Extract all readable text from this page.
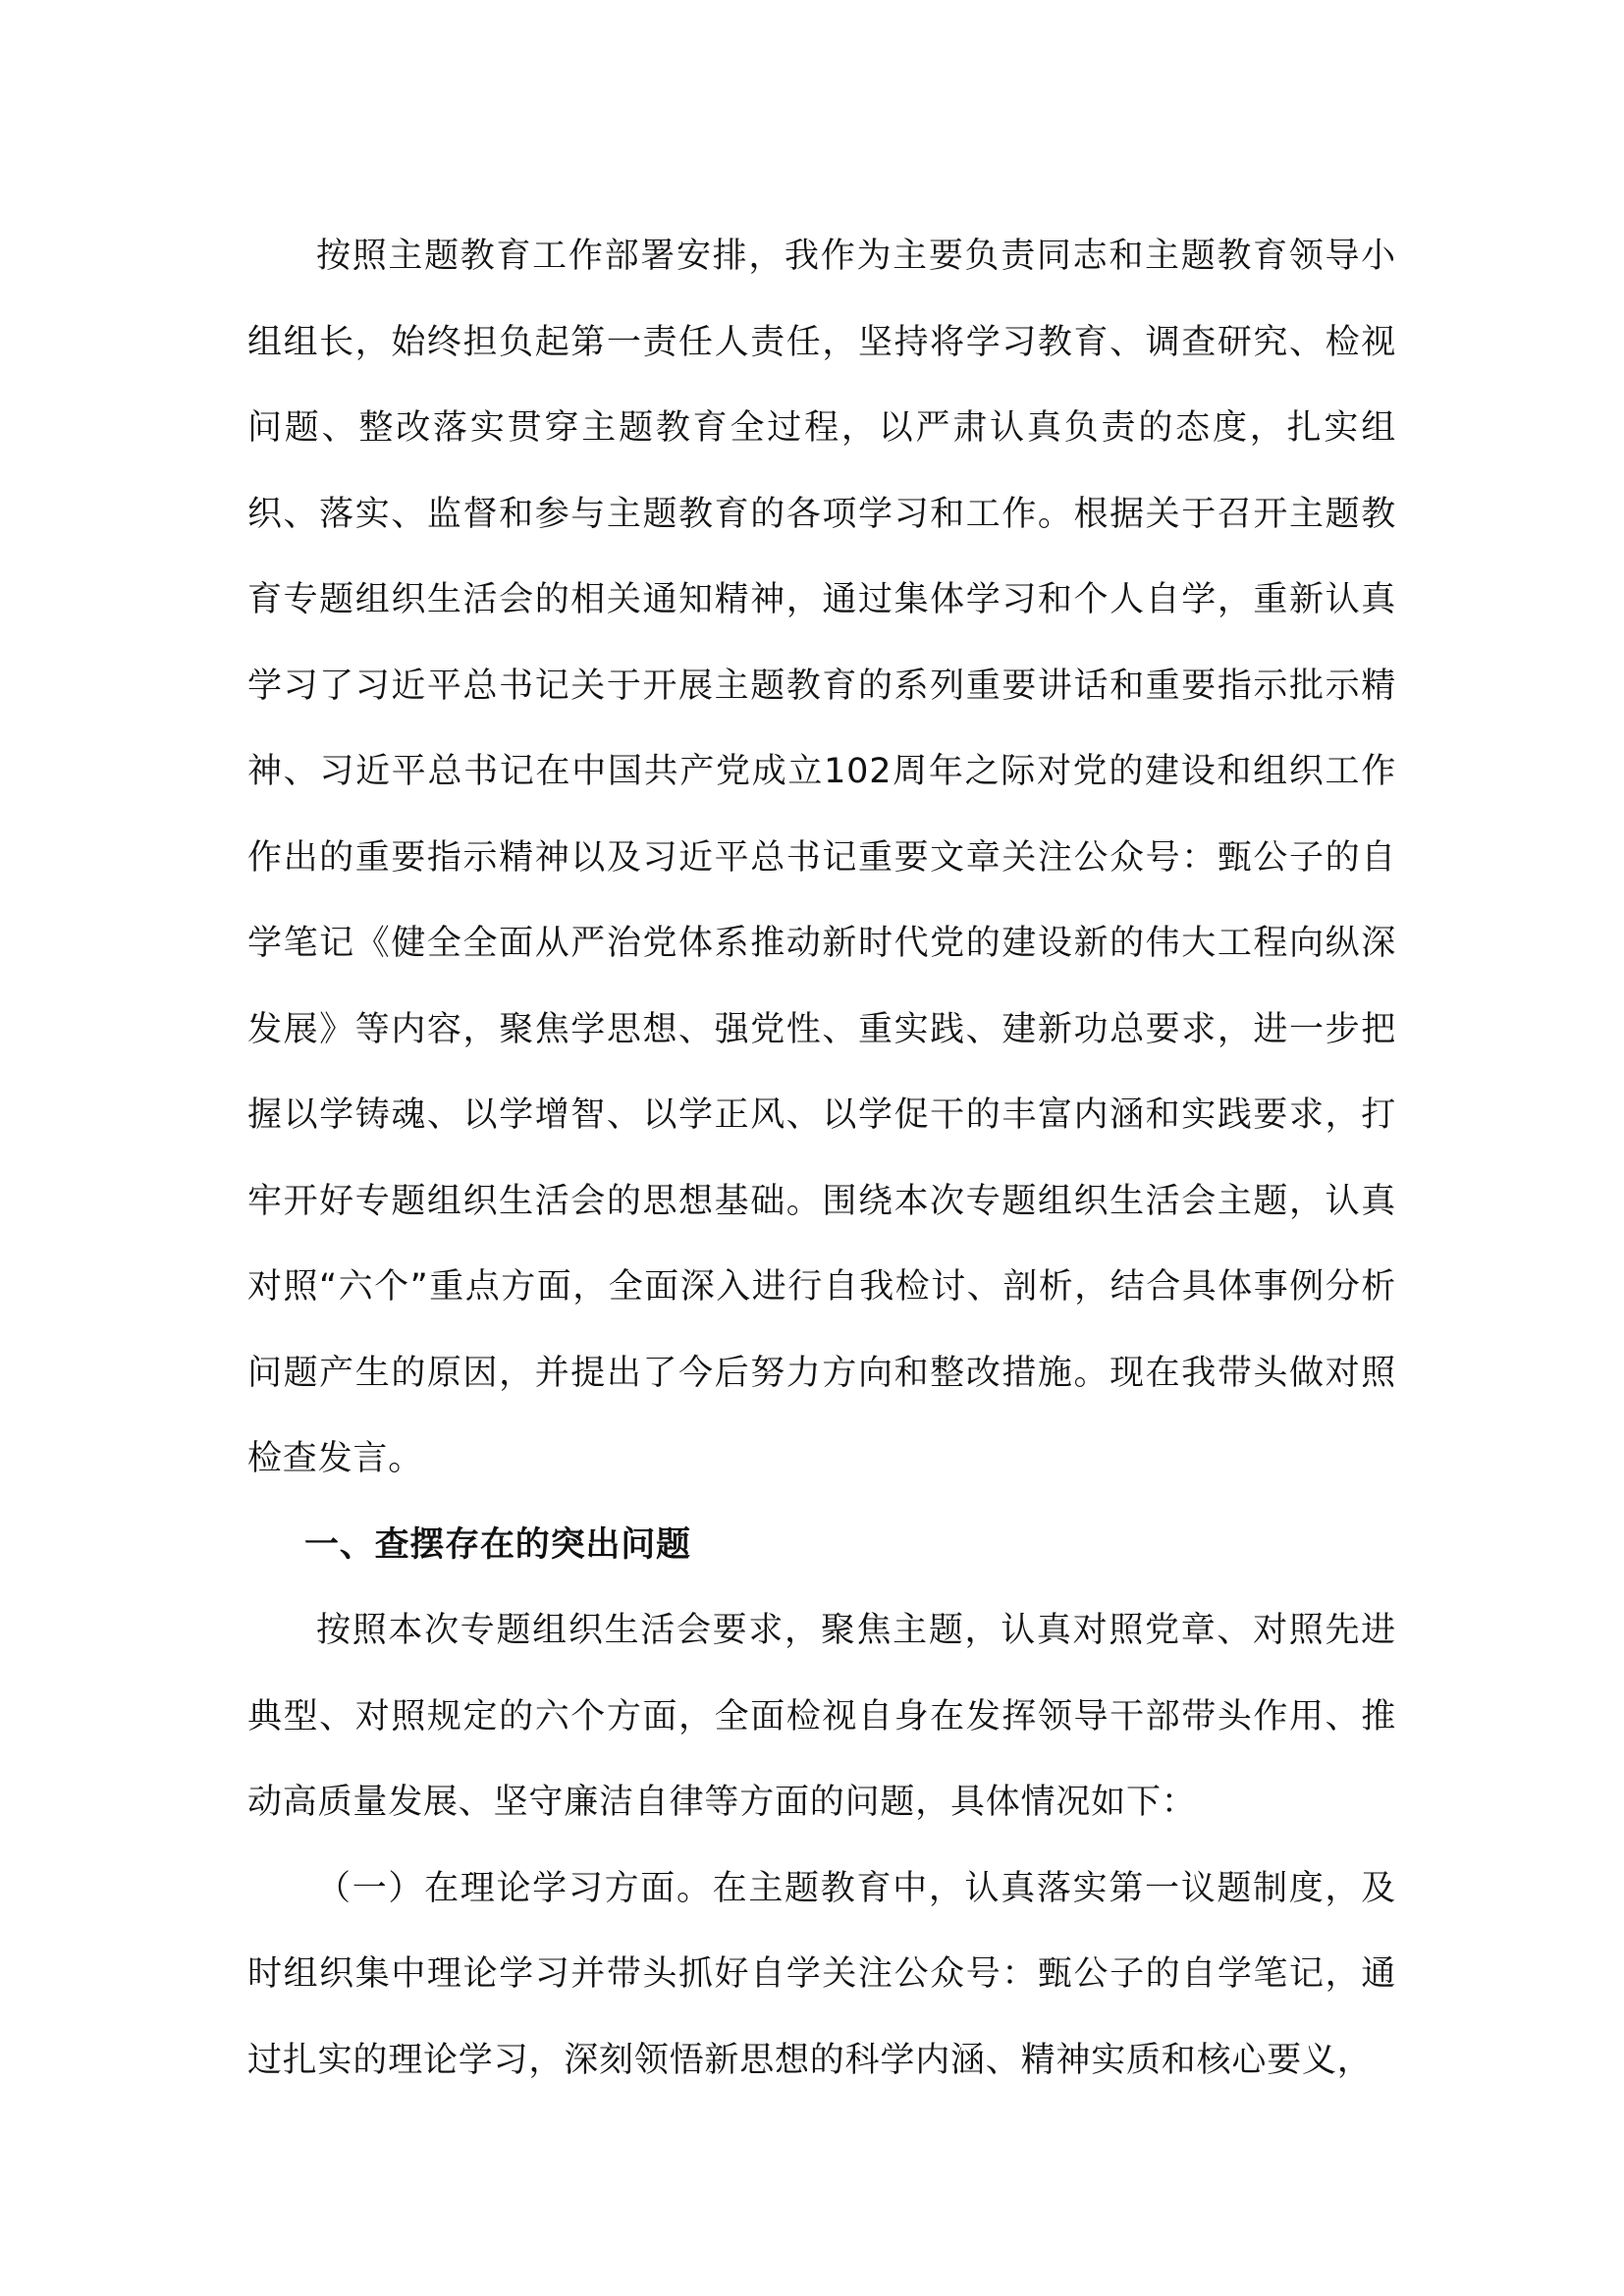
按照主题教育工作部署安排，我作为主要负责同志和主题教育领导小组组长，始终担负起第一责任人责任，坚持将学习教育、调查研究、检视问题、整改落实贯穿主题教育全过程，以严肃认真负责的态度，扎实组织、落实、监督和参与主题教育的各项学习和工作。根据关于召开主题教育专题组织生活会的相关通知精神，通过集体学习和个人自学，重新认真学习了习近平总书记关于开展主题教育的系列重要讲话和重要指示批示精神、习近平总书记在中国共产党成立102周年之际对党的建设和组织工作作出的重要指示精神以及习近平总书记重要文章关注公众号：甄公子的自学笔记《健全全面从严治党体系推动新时代党的建设新的伟大工程向纵深发展》等内容，聚焦学思想、强党性、重实践、建新功总要求，进一步把握以学铸魂、以学增智、以学正风、以学促干的丰富内涵和实践要求，打牢开好专题组织生活会的思想基础。围绕本次专题组织生活会主题，认真对照“六个”重点方面，全面深入进行自我检讨、剖析，结合具体事例分析问题产生的原因，并提出了今后努力方向和整改措施。现在我带头做对照检查发言。

一、查摆存在的突出问题

按照本次专题组织生活会要求，聚焦主题，认真对照党章、对照先进典型、对照规定的六个方面，全面检视自身在发挥领导干部带头作用、推动高质量发展、坚守廉洁自律等方面的问题，具体情况如下：

（一）在理论学习方面。在主题教育中，认真落实第一议题制度，及时组织集中理论学习并带头抓好自学关注公众号：甄公子的自学笔记，通过扎实的理论学习，深刻领悟新思想的科学内涵、精神实质和核心要义，
